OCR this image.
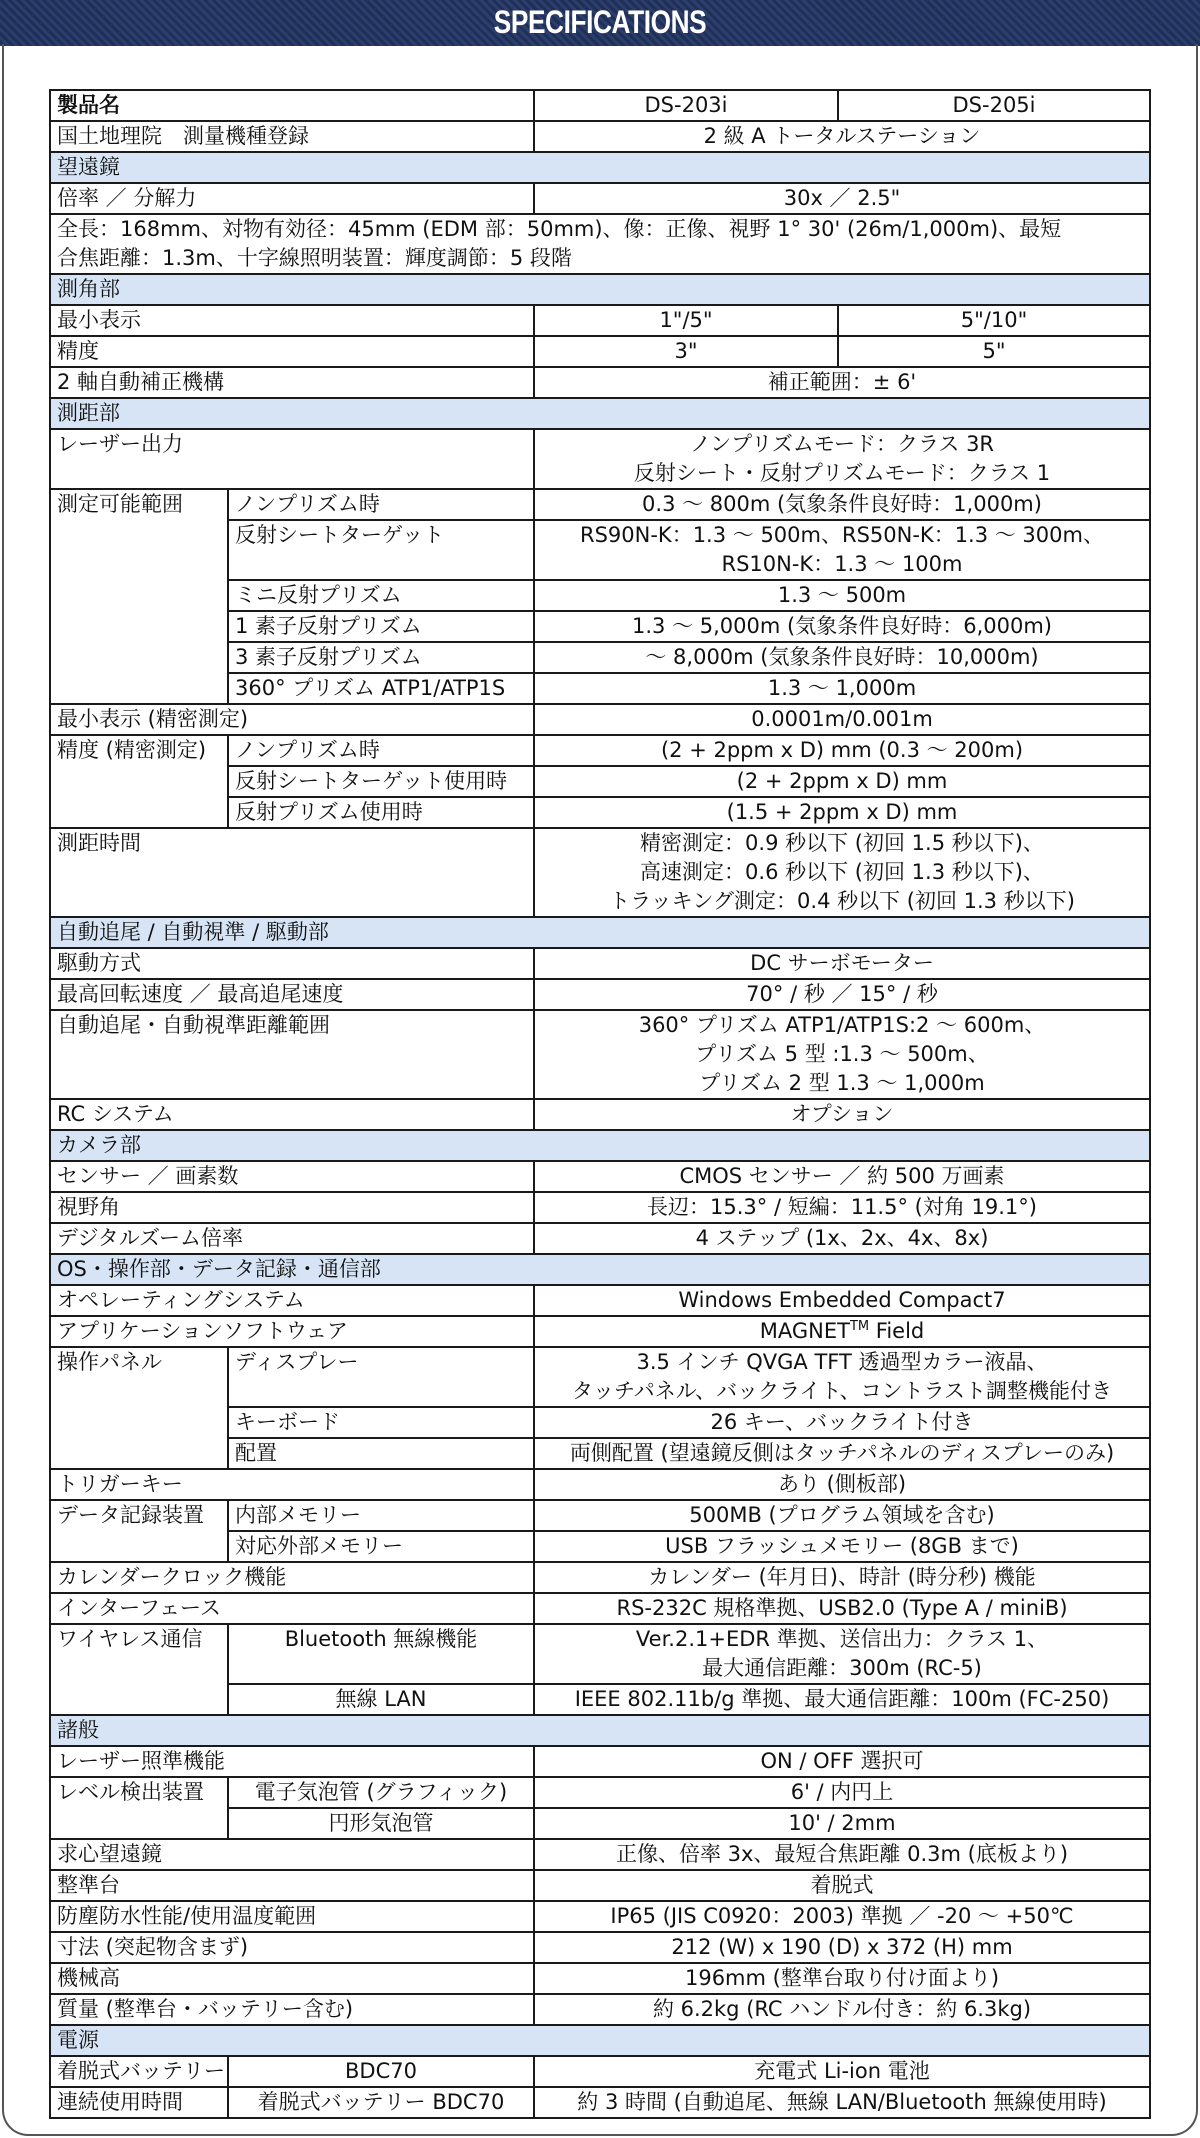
SPECIFICATIONS
製品名		DS-203i	DS-205i
国土地理院　測量機種登録		2 級 A トータルステーション	
望遠鏡			
倍率 ／ 分解力		30x ／ 2.5"	

全長：168mm、対物有効径：45mm (EDM 部：50mm)、像：正像、視野 1° 30' (26m/1,000m)、最短
合焦距離：1.3m、十字線照明装置：輝度調節：5 段階			

測角部			
最小表示		1"/5"	5"/10"
精度		3"	5"
2 軸自動補正機構		補正範囲：± 6'	
測距部			
レーザー出力		ノンプリズムモード：クラス 3R
反射シート・反射プリズムモード：クラス 1	

測定可能範囲	ノンプリズム時	0.3 ～ 800m (気象条件良好時：1,000m)	
	反射シートターゲット	RS90N-K：1.3 ～ 500m、RS50N-K：1.3 ～ 300m、
RS10N-K：1.3 ～ 100m	

	ミニ反射プリズム	1.3 ～ 500m	
	1 素子反射プリズム	1.3 ～ 5,000m (気象条件良好時：6,000m)	
	3 素子反射プリズム	～ 8,000m (気象条件良好時：10,000m)	
	360° プリズム ATP1/ATP1S	1.3 ～ 1,000m	
最小表示 (精密測定)		0.0001m/0.001m	
精度 (精密測定)	ノンプリズム時	(2 + 2ppm x D) mm (0.3 ～ 200m)	
	反射シートターゲット使用時	(2 + 2ppm x D) mm	
	反射プリズム使用時	(1.5 + 2ppm x D) mm	
測距時間		精密測定：0.9 秒以下 (初回 1.5 秒以下)、
高速測定：0.6 秒以下 (初回 1.3 秒以下)、
トラッキング測定：0.4 秒以下 (初回 1.3 秒以下)	

自動追尾 / 自動視準 / 駆動部			
駆動方式		DC サーボモーター	
最高回転速度 ／ 最高追尾速度		70° / 秒 ／ 15° / 秒	
自動追尾・自動視準距離範囲		360° プリズム ATP1/ATP1S:2 ～ 600m、
プリズム 5 型 :1.3 ～ 500m、
プリズム 2 型 1.3 ～ 1,000m	

RC システム		オプション	
カメラ部			
センサー ／ 画素数		CMOS センサー ／ 約 500 万画素	
視野角		長辺：15.3° / 短編：11.5° (対角 19.1°)	
デジタルズーム倍率		4 ステップ (1x、2x、4x、8x)	
OS・操作部・データ記録・通信部			
オペレーティングシステム		Windows Embedded Compact7	
アプリケーションソフトウェア		MAGNET™ Field	
操作パネル	ディスプレー	3.5 インチ QVGA TFT 透過型カラー液晶、
タッチパネル、バックライト、コントラスト調整機能付き	

	キーボード	26 キー、バックライト付き	
	配置	両側配置 (望遠鏡反側はタッチパネルのディスプレーのみ)	
トリガーキー		あり (側板部)	
データ記録装置	内部メモリー	500MB (プログラム領域を含む)	
	対応外部メモリー	USB フラッシュメモリー (8GB まで)	
カレンダークロック機能		カレンダー (年月日)、時計 (時分秒) 機能	
インターフェース		RS-232C 規格準拠、USB2.0 (Type A / miniB)	
ワイヤレス通信	Bluetooth 無線機能	Ver.2.1+EDR 準拠、送信出力：クラス 1、
最大通信距離：300m (RC-5)	

	無線 LAN	IEEE 802.11b/g 準拠、最大通信距離：100m (FC-250)	
諸般			
レーザー照準機能		ON / OFF 選択可	
レベル検出装置	電子気泡管 (グラフィック)	6' / 内円上	
	円形気泡管	10' / 2mm	
求心望遠鏡		正像、倍率 3x、最短合焦距離 0.3m (底板より)	
整準台		着脱式	
防塵防水性能/使用温度範囲		IP65 (JIS C0920：2003) 準拠 ／ -20 ～ +50℃	
寸法 (突起物含まず)		212 (W) x 190 (D) x 372 (H) mm	
機械高		196mm (整準台取り付け面より)	
質量 (整準台・バッテリー含む)		約 6.2kg (RC ハンドル付き：約 6.3kg)	
電源			
着脱式バッテリー	BDC70	充電式 Li-ion 電池	
連続使用時間	着脱式バッテリー BDC70	約 3 時間 (自動追尾、無線 LAN/Bluetooth 無線使用時)	
